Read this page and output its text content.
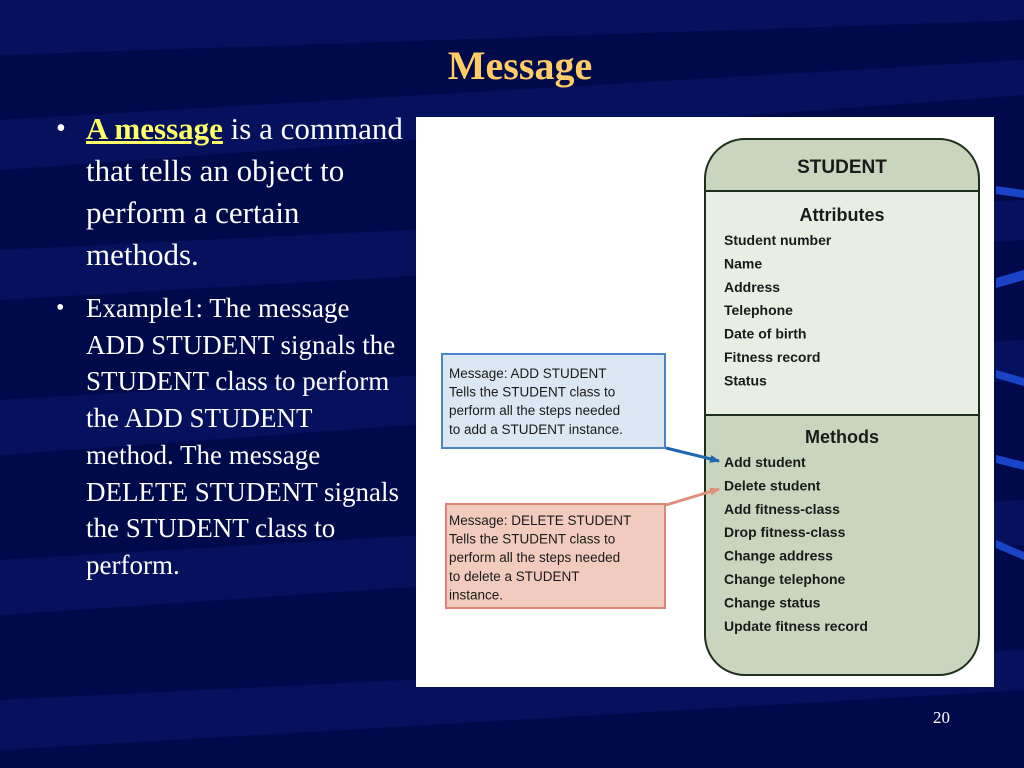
Message
• A message is a command that tells an object to perform a certain methods.
• Example1: The message ADD STUDENT signals the STUDENT class to perform the ADD STUDENT method. The message DELETE STUDENT signals the STUDENT class to perform.
STUDENT
Attributes
Student number
Name
Address
Telephone
Date of birth
Fitness record
Status
Methods
Add student
Delete student
Add fitness-class
Drop fitness-class
Change address
Change telephone
Change status
Update fitness record
Message: ADD STUDENT
Tells the STUDENT class to
perform all the steps needed
to add a STUDENT instance.
Message: DELETE STUDENT
Tells the STUDENT class to
perform all the steps needed
to delete a STUDENT
instance.
20
